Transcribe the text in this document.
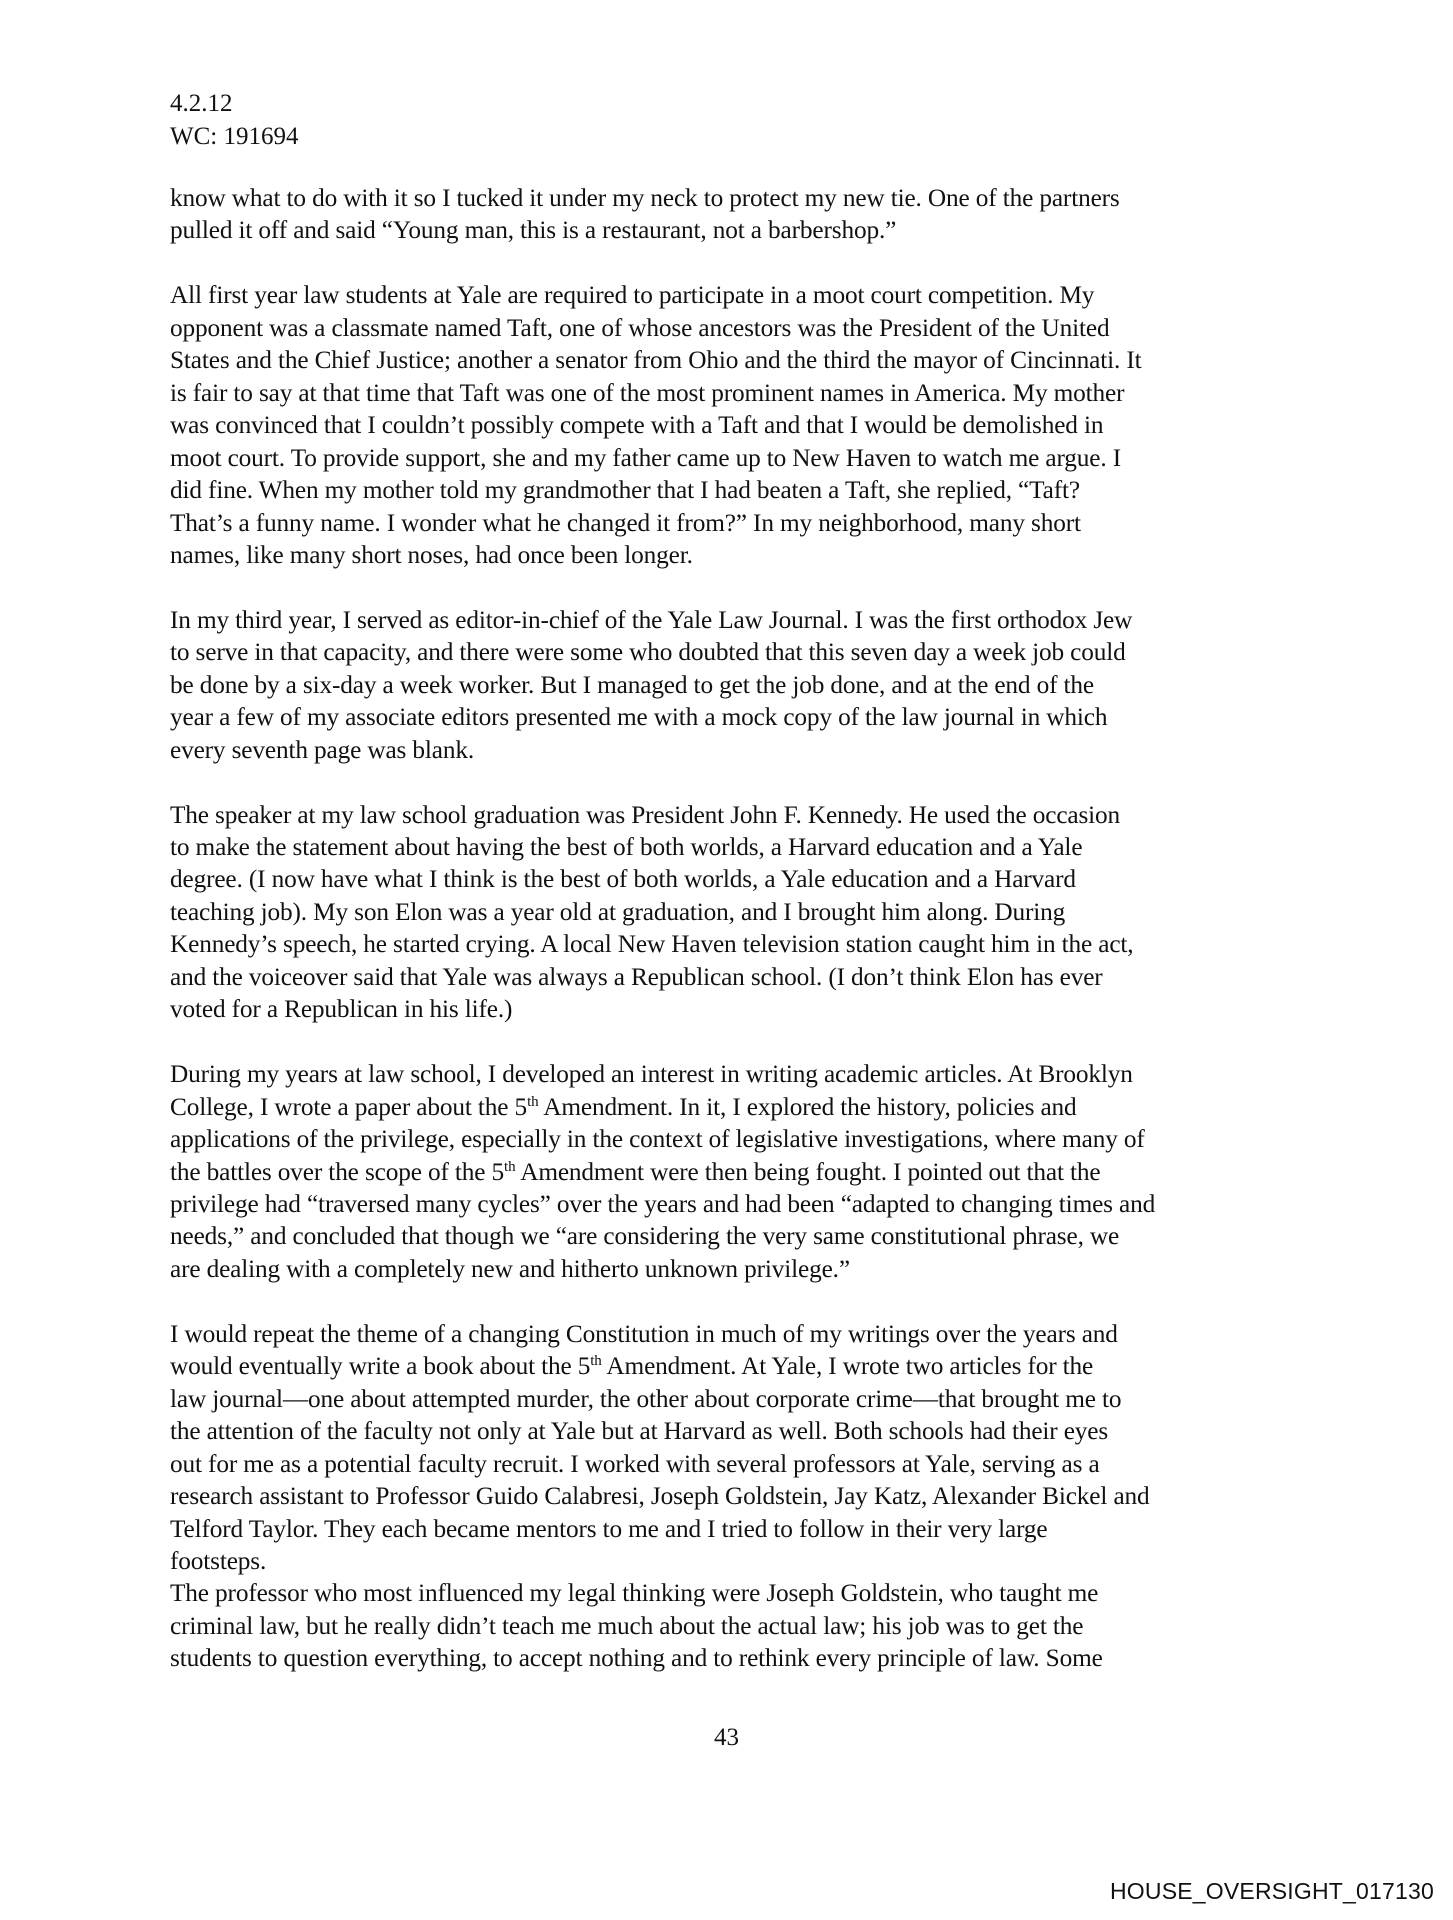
4.2.12
WC: 191694
know what to do with it so I tucked it under my neck to protect my new tie. One of the partners
pulled it off and said “Young man, this is a restaurant, not a barbershop.”
All first year law students at Yale are required to participate in a moot court competition. My
opponent was a classmate named Taft, one of whose ancestors was the President of the United
States and the Chief Justice; another a senator from Ohio and the third the mayor of Cincinnati. It
is fair to say at that time that Taft was one of the most prominent names in America. My mother
was convinced that I couldn’t possibly compete with a Taft and that I would be demolished in
moot court. To provide support, she and my father came up to New Haven to watch me argue. I
did fine. When my mother told my grandmother that I had beaten a Taft, she replied, “Taft?
That’s a funny name. I wonder what he changed it from?” In my neighborhood, many short
names, like many short noses, had once been longer.
In my third year, I served as editor-in-chief of the Yale Law Journal. I was the first orthodox Jew
to serve in that capacity, and there were some who doubted that this seven day a week job could
be done by a six-day a week worker. But I managed to get the job done, and at the end of the
year a few of my associate editors presented me with a mock copy of the law journal in which
every seventh page was blank.
The speaker at my law school graduation was President John F. Kennedy. He used the occasion
to make the statement about having the best of both worlds, a Harvard education and a Yale
degree. (I now have what I think is the best of both worlds, a Yale education and a Harvard
teaching job). My son Elon was a year old at graduation, and I brought him along. During
Kennedy’s speech, he started crying. A local New Haven television station caught him in the act,
and the voiceover said that Yale was always a Republican school. (I don’t think Elon has ever
voted for a Republican in his life.)
During my years at law school, I developed an interest in writing academic articles. At Brooklyn
College, I wrote a paper about the 5th Amendment. In it, I explored the history, policies and
applications of the privilege, especially in the context of legislative investigations, where many of
the battles over the scope of the 5th Amendment were then being fought. I pointed out that the
privilege had “traversed many cycles” over the years and had been “adapted to changing times and
needs,” and concluded that though we “are considering the very same constitutional phrase, we
are dealing with a completely new and hitherto unknown privilege.”
I would repeat the theme of a changing Constitution in much of my writings over the years and
would eventually write a book about the 5th Amendment. At Yale, I wrote two articles for the
law journal—one about attempted murder, the other about corporate crime—that brought me to
the attention of the faculty not only at Yale but at Harvard as well. Both schools had their eyes
out for me as a potential faculty recruit. I worked with several professors at Yale, serving as a
research assistant to Professor Guido Calabresi, Joseph Goldstein, Jay Katz, Alexander Bickel and
Telford Taylor. They each became mentors to me and I tried to follow in their very large
footsteps.
The professor who most influenced my legal thinking were Joseph Goldstein, who taught me
criminal law, but he really didn’t teach me much about the actual law; his job was to get the
students to question everything, to accept nothing and to rethink every principle of law. Some
43
HOUSE_OVERSIGHT_017130
